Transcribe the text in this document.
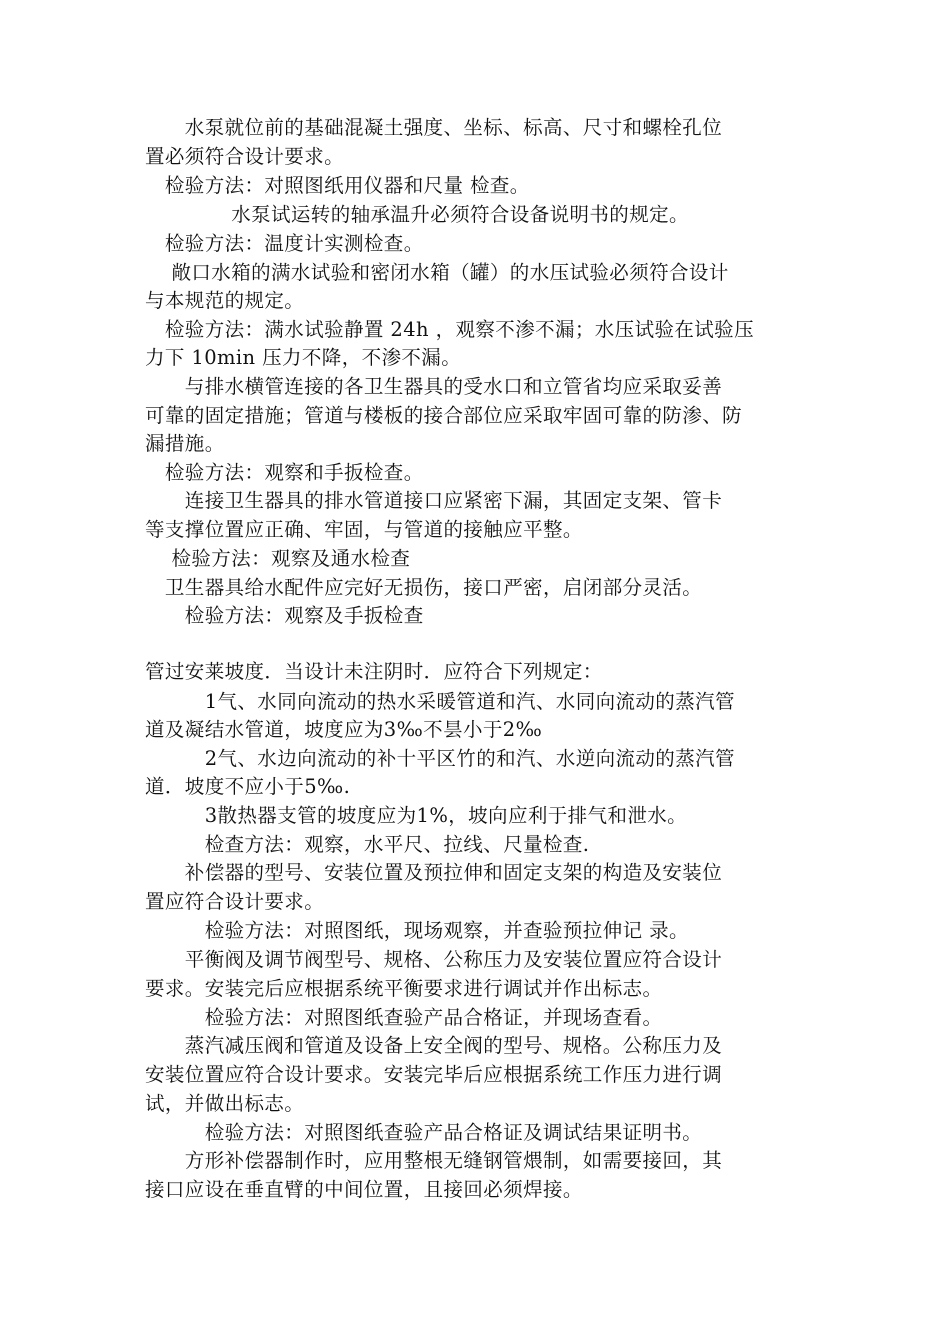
　　水泵就位前的基础混凝土强度、坐标、标高、尺寸和螺栓孔位
置必须符合设计要求。
　检验方法：对照图纸用仪器和尺量 检查。
　　　　 水泵试运转的轴承温升必须符合设备说明书的规定。
　检验方法：温度计实测检查。
　 敞口水箱的满水试验和密闭水箱（罐）的水压试验必须符合设计
与本规范的规定。
　检验方法：满水试验静置 24h ，观察不渗不漏；水压试验在试验压
力下 10min 压力不降，不渗不漏。
　　与排水横管连接的各卫生器具的受水口和立管省均应采取妥善
可靠的固定措施；管道与楼板的接合部位应采取牢固可靠的防渗、防
漏措施。
　检验方法：观察和手扳检查。
　　连接卫生器具的排水管道接口应紧密下漏，其固定支架、管卡
等支撑位置应正确、牢固，与管道的接触应平整。
　 检验方法：观察及通水检查
　卫生器具给水配件应完好无损伤，接口严密，启闭部分灵活。
　　检验方法：观察及手扳检查
管过安莱坡度．当设计未注阴时．应符合下列规定：
　　　1气、水同向流动的热水采暖管道和汽、水同向流动的蒸汽管
道及凝结水管道，坡度应为3‰不昙小于2‰
　　　2气、水边向流动的补十平区竹的和汽、水逆向流动的蒸汽管
道．坡度不应小于5‰.
　　　3散热器支管的坡度应为1%，坡向应利于排气和泄水。
　　　检查方法：观察，水平尺、拉线、尺量检查.
　　补偿器的型号、安装位置及预拉伸和固定支架的构造及安装位
置应符合设计要求。
　　　检验方法：对照图纸，现场观察，并查验预拉伸记 录。
　　平衡阀及调节阀型号、规格、公称压力及安装位置应符合设计
要求。安装完后应根据系统平衡要求进行调试并作出标志。
　　　检验方法：对照图纸查验产品合格证，并现场查看。
　　蒸汽减压阀和管道及设备上安全阀的型号、规格。公称压力及
安装位置应符合设计要求。安装完毕后应根据系统工作压力进行调
试，并做出标志。
　　　检验方法：对照图纸查验产品合格证及调试结果证明书。
　　方形补偿器制作时，应用整根无缝钢管煨制，如需要接回，其
接口应设在垂直臂的中间位置，且接回必须焊接。
